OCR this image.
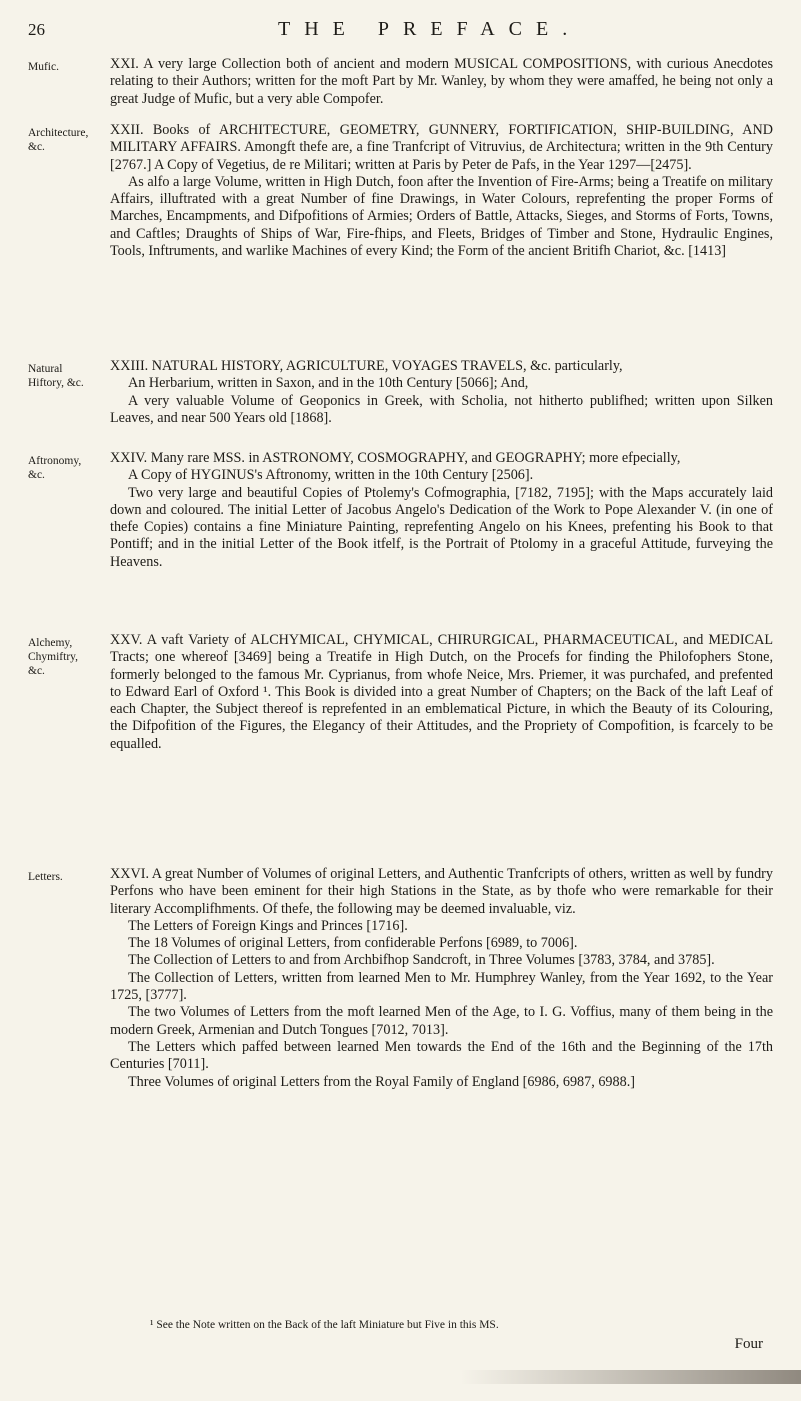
26	THE PREFACE.
Mufic.	XXI. A very large Collection both of ancient and modern MUSICAL COMPOSITIONS, with curious Anecdotes relating to their Authors; written for the moft Part by Mr. Wanley, by whom they were amaffed, he being not only a great Judge of Mufic, but a very able Compofer.

Architecture, &c.

XXII. Books of ARCHITECTURE, GEOMETRY, GUNNERY, FORTIFICATION, SHIP-BUILDING, AND MILITARY AFFAIRS. Amongft thefe are, a fine Tranfcript of Vitruvius, de Architectura; written in the 9th Century [2767.] A Copy of Vegetius, de re Militari; written at Paris by Peter de Pafs, in the Year 1297—[2475].

As alfo a large Volume, written in High Dutch, foon after the Invention of Fire-Arms; being a Treatife on military Affairs, illuftrated with a great Number of fine Drawings, in Water Colours, reprefenting the proper Forms of Marches, Encampments, and Difpofitions of Armies; Orders of Battle, Attacks, Sieges, and Storms of Forts, Towns, and Caftles; Draughts of Ships of War, Fire-fhips, and Fleets, Bridges of Timber and Stone, Hydraulic Engines, Tools, Inftruments, and warlike Machines of every Kind; the Form of the ancient Britifh Chariot, &c. [1413]

Natural Hiftory, &c.

XXIII. NATURAL HISTORY, AGRICULTURE, VOYAGES TRAVELS, &c. particularly,

An Herbarium, written in Saxon, and in the 10th Century [5066]; And,

A very valuable Volume of Geoponics in Greek, with Scholia, not hitherto publifhed; written upon Silken Leaves, and near 500 Years old [1868].

Aftronomy, &c.

XXIV. Many rare MSS. in ASTRONOMY, COSMOGRAPHY, and GEOGRAPHY; more efpecially,

A Copy of HYGINUS's Aftronomy, written in the 10th Century [2506].

Two very large and beautiful Copies of Ptolemy's Cofmographia, [7182, 7195]; with the Maps accurately laid down and coloured. The initial Letter of Jacobus Angelo's Dedication of the Work to Pope Alexander V. (in one of thefe Copies) contains a fine Miniature Painting, reprefenting Angelo on his Knees, prefenting his Book to that Pontiff; and in the initial Letter of the Book itfelf, is the Portrait of Ptolomy in a graceful Attitude, furveying the Heavens.

Alchemy, Chymiftry, &c.

XXV. A vaft Variety of ALCHYMICAL, CHYMICAL, CHIRURGICAL, PHARMACEUTICAL, and MEDICAL Tracts; one whereof [3469] being a Treatife in High Dutch, on the Procefs for finding the Philofophers Stone, formerly belonged to the famous Mr. Cyprianus, from whofe Neice, Mrs. Priemer, it was purchafed, and prefented to Edward Earl of Oxford ¹. This Book is divided into a great Number of Chapters; on the Back of the laft Leaf of each Chapter, the Subject thereof is reprefented in an emblematical Picture, in which the Beauty of its Colouring, the Difpofition of the Figures, the Elegancy of their Attitudes, and the Propriety of Compofition, is fcarcely to be equalled.

Letters.	XXVI. A great Number of Volumes of original Letters, and Authentic Tranfcripts of others, written as well by fundry Perfons who have been eminent for their high Stations in the State, as by thofe who were remarkable for their literary Accomplifhments. Of thefe, the following may be deemed invaluable, viz.

The Letters of Foreign Kings and Princes [1716].

The 18 Volumes of original Letters, from confiderable Perfons [6989, to 7006].

The Collection of Letters to and from Archbifhop Sandcroft, in Three Volumes [3783, 3784, and 3785].

The Collection of Letters, written from learned Men to Mr. Humphrey Wanley, from the Year 1692, to the Year 1725, [3777].

The two Volumes of Letters from the moft learned Men of the Age, to I. G. Voffius, many of them being in the modern Greek, Armenian and Dutch Tongues [7012, 7013].

The Letters which paffed between learned Men towards the End of the 16th and the Beginning of the 17th Centuries [7011].

Three Volumes of original Letters from the Royal Family of England [6986, 6987, 6988.]

¹ See the Note written on the Back of the laft Miniature but Five in this MS.
Four
